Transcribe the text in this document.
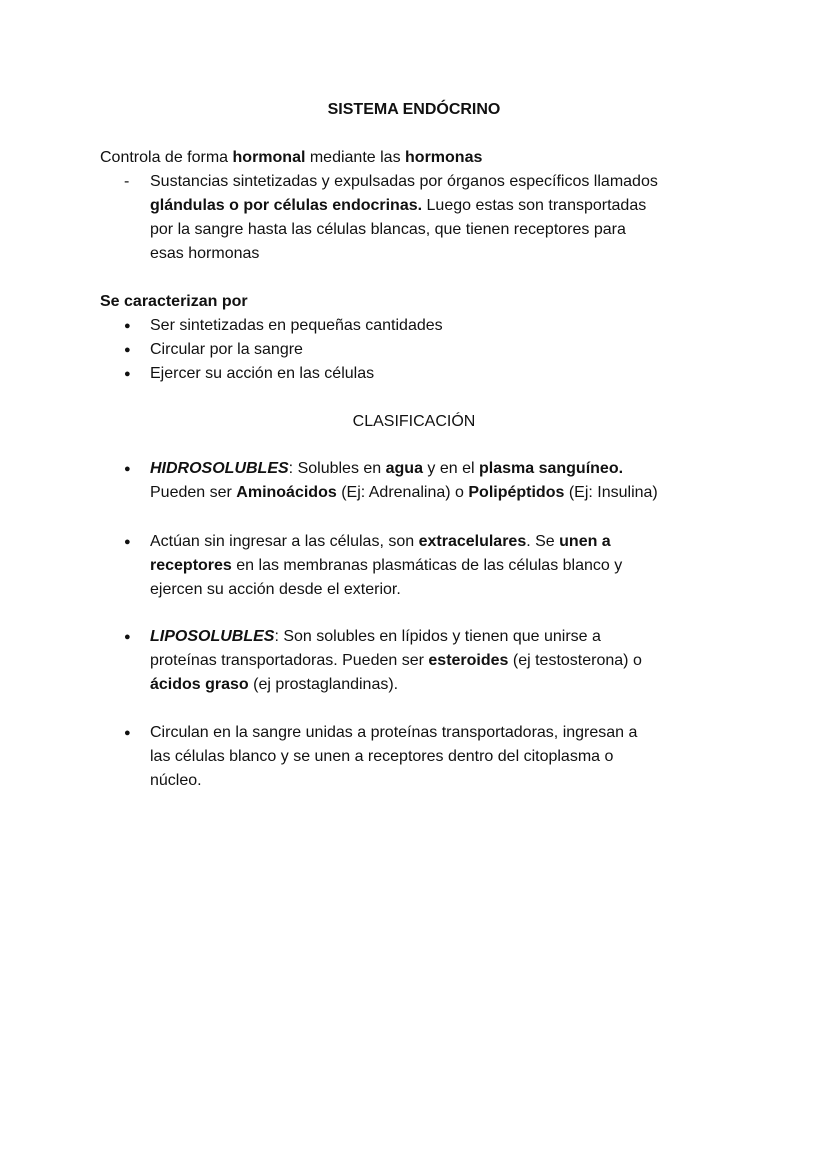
SISTEMA ENDÓCRINO
Controla de forma hormonal mediante las hormonas
- Sustancias sintetizadas y expulsadas por órganos específicos llamados
glándulas o por células endocrinas. Luego estas son transportadas
por la sangre hasta las células blancas, que tienen receptores para
esas hormonas
Se caracterizan por
● Ser sintetizadas en pequeñas cantidades
● Circular por la sangre
● Ejercer su acción en las células
CLASIFICACIÓN
● HIDROSOLUBLES: Solubles en agua y en el plasma sanguíneo.
Pueden ser Aminoácidos (Ej: Adrenalina) o Polipéptidos (Ej: Insulina)
● Actúan sin ingresar a las células, son extracelulares. Se unen a
receptores en las membranas plasmáticas de las células blanco y
ejercen su acción desde el exterior.
● LIPOSOLUBLES: Son solubles en lípidos y tienen que unirse a
proteínas transportadoras. Pueden ser esteroides (ej testosterona) o
ácidos graso (ej prostaglandinas).
● Circulan en la sangre unidas a proteínas transportadoras, ingresan a
las células blanco y se unen a receptores dentro del citoplasma o
núcleo.
